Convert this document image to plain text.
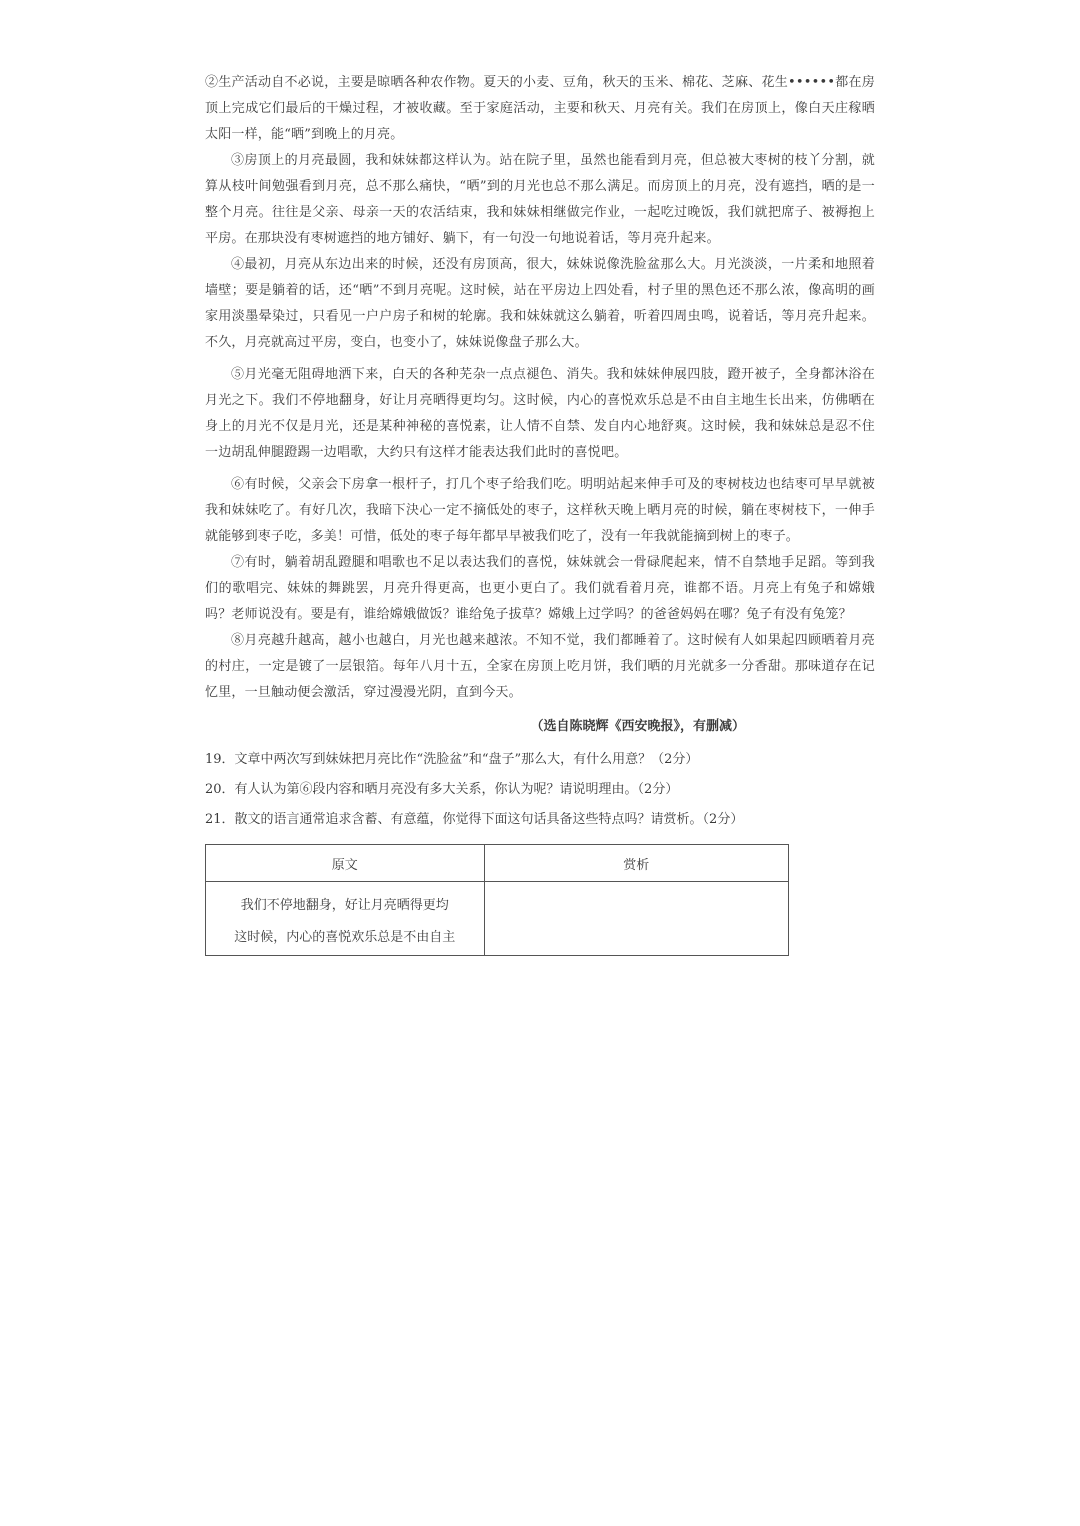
②生产活动自不必说，主要是晾晒各种农作物。夏天的小麦、豆角，秋天的玉米、棉花、芝麻、花生••••••都在房顶上完成它们最后的干燥过程，才被收藏。至于家庭活动，主要和秋天、月亮有关。我们在房顶上，像白天庄稼晒太阳一样，能“晒”到晚上的月亮。

③房顶上的月亮最圆，我和妹妹都这样认为。站在院子里，虽然也能看到月亮，但总被大枣树的枝丫分割，就算从枝叶间勉强看到月亮，总不那么痛快，“晒”到的月光也总不那么满足。而房顶上的月亮，没有遮挡，晒的是一整个月亮。往往是父亲、母亲一天的农活结束，我和妹妹相继做完作业，一起吃过晚饭，我们就把席子、被褥抱上平房。在那块没有枣树遮挡的地方铺好、躺下，有一句没一句地说着话，等月亮升起来。

④最初，月亮从东边出来的时候，还没有房顶高，很大，妹妹说像洗脸盆那么大。月光淡淡，一片柔和地照着墙壁；要是躺着的话，还“晒”不到月亮呢。这时候，站在平房边上四处看，村子里的黑色还不那么浓，像高明的画家用淡墨晕染过，只看见一户户房子和树的轮廓。我和妹妹就这么躺着，听着四周虫鸣，说着话，等月亮升起来。不久，月亮就高过平房，变白，也变小了，妹妹说像盘子那么大。

⑤月光毫无阻碍地洒下来，白天的各种芜杂一点点褪色、消失。我和妹妹伸展四肢，蹬开被子，全身都沐浴在月光之下。我们不停地翻身，好让月亮晒得更均匀。这时候，内心的喜悦欢乐总是不由自主地生长出来，仿佛晒在身上的月光不仅是月光，还是某种神秘的喜悦素，让人情不自禁、发自内心地舒爽。这时候，我和妹妹总是忍不住一边胡乱伸腿蹬踢一边唱歌，大约只有这样才能表达我们此时的喜悦吧。

⑥有时候，父亲会下房拿一根杆子，打几个枣子给我们吃。明明站起来伸手可及的枣树枝边也结枣可早早就被我和妹妹吃了。有好几次，我暗下決心一定不摘低处的枣子，这样秋天晚上晒月亮的时候，躺在枣树枝下，一伸手就能够到枣子吃，多美！可惜，低处的枣子每年都早早被我们吃了，没有一年我就能摘到树上的枣子。

⑦有时，躺着胡乱蹬腿和唱歌也不足以表达我们的喜悦，妹妹就会一骨碌爬起来，情不自禁地手足蹈。等到我们的歌唱完、妹妹的舞跳罢，月亮升得更高，也更小更白了。我们就看着月亮，谁都不语。月亮上有兔子和嫦娥吗？老师说没有。要是有，谁给嫦娥做饭？谁给兔子拔草？嫦娥上过学吗？的爸爸妈妈在哪？兔子有没有兔笼？

⑧月亮越升越高，越小也越白，月光也越来越浓。不知不觉，我们都睡着了。这时候有人如果起四顾晒着月亮的村庄，一定是镀了一层银箔。每年八月十五，全家在房顶上吃月饼，我们晒的月光就多一分香甜。那味道存在记忆里，一旦触动便会激活，穿过漫漫光阴，直到今天。

（选自陈晓辉《西安晚报》，有删减）

19．文章中两次写到妹妹把月亮比作“洗脸盆”和“盘子”那么大，有什么用意？（2分）

20．有人认为第⑥段内容和晒月亮没有多大关系，你认为呢？请说明理由。（2分）

21．散文的语言通常追求含蓄、有意蕴，你觉得下面这句话具备这些特点吗？请赏析。（2分）

原文	赏析

我们不停地翻身，好让月亮晒得更均
这时候，内心的喜悦欢乐总是不由自主	
